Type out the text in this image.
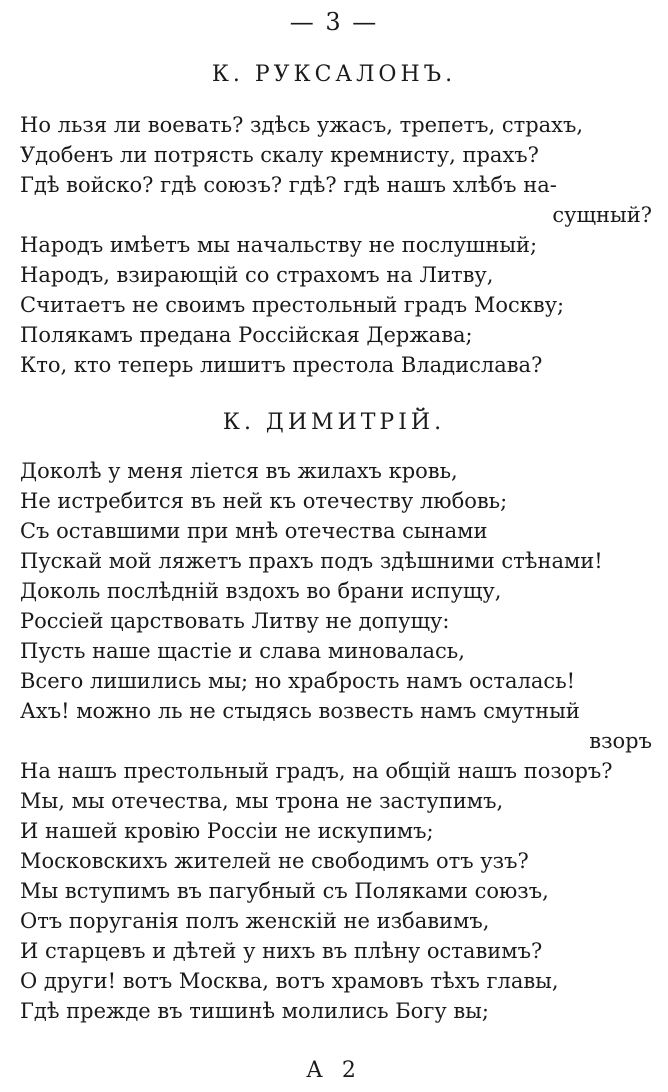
— 3 —
К. РУКСАЛОНЪ.
Но льзя ли воевать? здѣсь ужасъ, трепетъ, страхъ,
Удобенъ ли потрясть скалу кремнисту, прахъ?
Гдѣ войско? гдѣ союзъ? гдѣ? гдѣ нашъ хлѣбъ на-
сущный?
Народъ имѣетъ мы начальству не послушный;
Народъ, взирающій со страхомъ на Литву,
Считаетъ не своимъ престольный градъ Москву;
Полякамъ предана Россійская Держава;
Кто, кто теперь лишитъ престола Владислава?
К. ДИМИТРІЙ.
Доколѣ у меня ліется въ жилахъ кровь,
Не истребится въ ней къ отечеству любовь;
Съ оставшими при мнѣ отечества сынами
Пускай мой ляжетъ прахъ подъ здѣшними стѣнами!
Доколь послѣдній вздохъ во брани испущу,
Россіей царствовать Литву не допущу:
Пусть наше щастіе и слава миновалась,
Всего лишились мы; но храбрость намъ осталась!
Ахъ! можно ль не стыдясь возвесть намъ смутный
взоръ
На нашъ престольный градъ, на общій нашъ позоръ?
Мы, мы отечества, мы трона не заступимъ,
И нашей кровію Россіи не искупимъ;
Московскихъ жителей не свободимъ отъ узъ?
Мы вступимъ въ пагубный съ Поляками союзъ,
Отъ поруганія полъ женскій не избавимъ,
И старцевъ и дѣтей у нихъ въ плѣну оставимъ?
О други! вотъ Москва, вотъ храмовъ тѣхъ главы,
Гдѣ прежде въ тишинѣ молились Богу вы;
А 2
